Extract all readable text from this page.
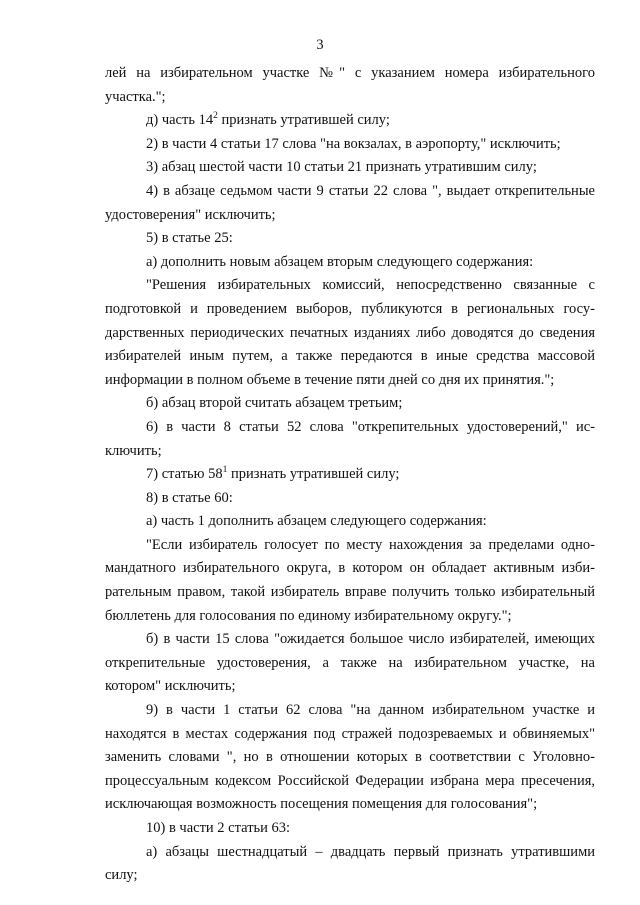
3

лей на избирательном участке №" с указанием номера избирательного участка.";

д) часть $14^2$ признать утратившей силу;

2) в части 4 статьи 17 слова "на вокзалах, в аэропорту," исключить;

3) абзац шестой части 10 статьи 21 признать утратившим силу;

4) в абзаце седьмом части 9 статьи 22 слова ", выдает открепительные удостоверения" исключить;

5) в статье 25:

а) дополнить новым абзацем вторым следующего содержания:

"Решения избирательных комиссий, непосредственно связанные с подготовкой и проведением выборов, публикуются в региональных государственных периодических печатных изданиях либо доводятся до сведения избирателей иным путем, а также передаются в иные средства массовой информации в полном объеме в течение пяти дней со дня их принятия.";

б) абзац второй считать абзацем третьим;

6) в части 8 статьи 52 слова "открепительных удостоверений," исключить;

7) статью $58^1$ признать утратившей силу;

8) в статье 60:

а) часть 1 дополнить абзацем следующего содержания:

"Если избиратель голосует по месту нахождения за пределами одномандатного избирательного округа, в котором он обладает активным избирательным правом, такой избиратель вправе получить только избирательный бюллетень для голосования по единому избирательному округу.";

б) в части 15 слова "ожидается большое число избирателей, имеющих открепительные удостоверения, а также на избирательном участке, на котором" исключить;

9) в части 1 статьи 62 слова "на данном избирательном участке и находятся в местах содержания под стражей подозреваемых и обвиняемых" заменить словами ", но в отношении которых в соответствии с Уголовнопроцессуальным кодексом Российской Федерации избрана мера пресечения, исключающая возможность посещения помещения для голосования";

10) в части 2 статьи 63:

а) абзацы шестнадцатый – двадцать первый признать утратившими силу;
